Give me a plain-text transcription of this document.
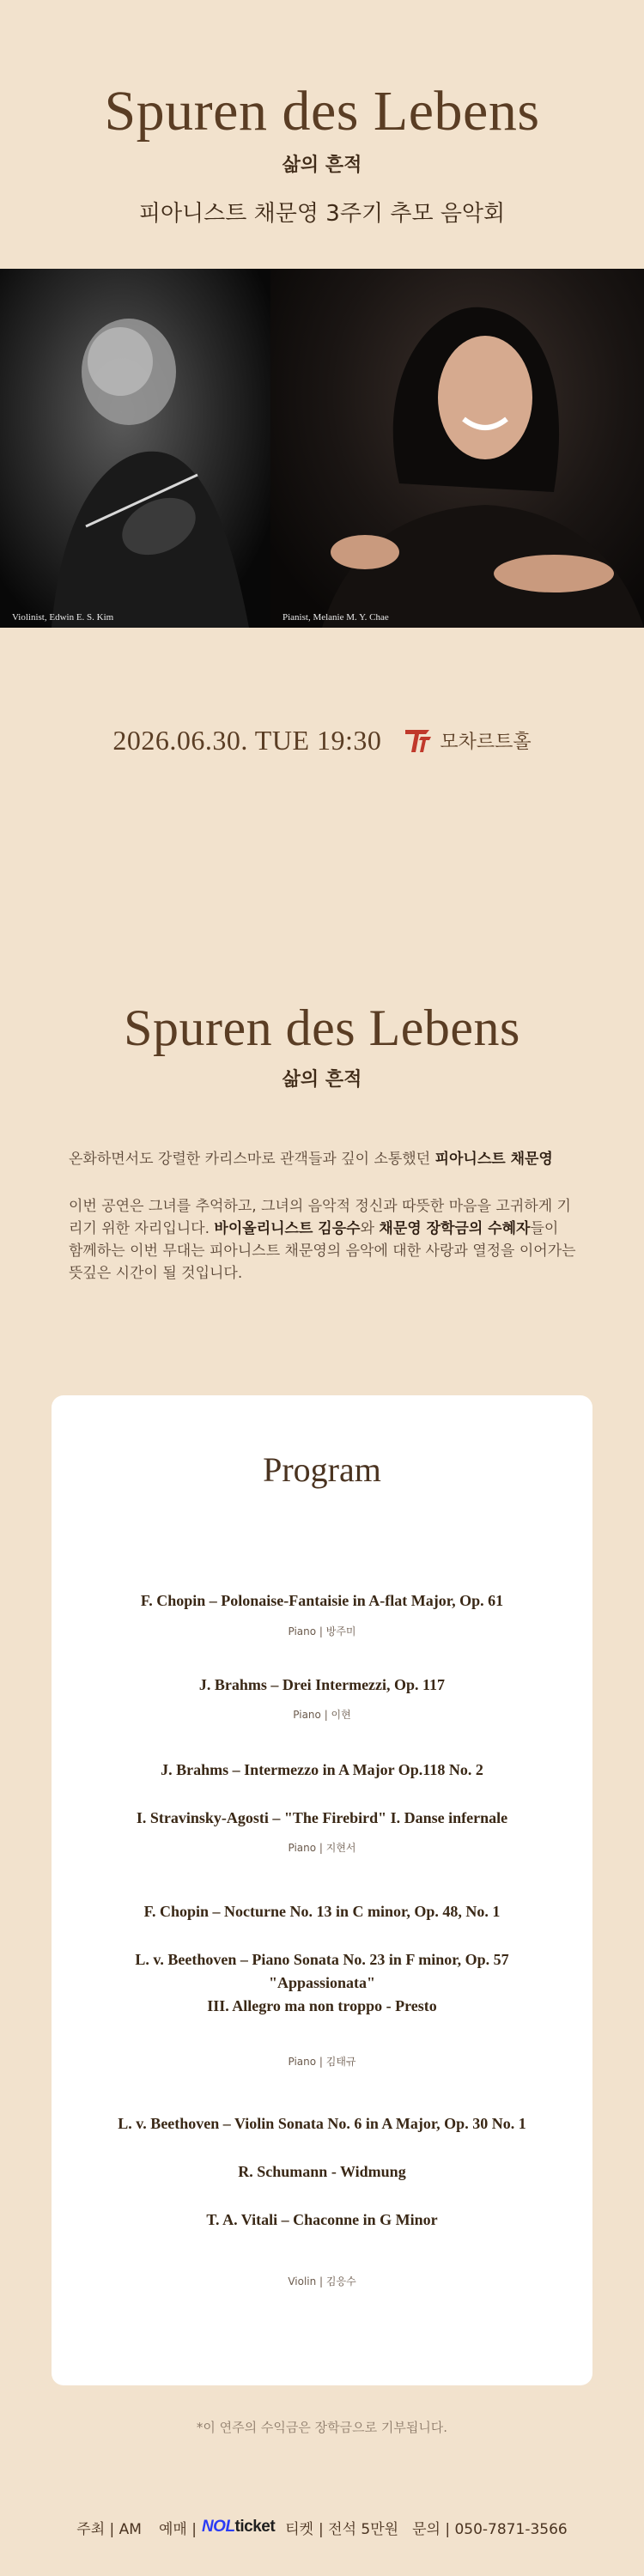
Spuren des Lebens
삶의 흔적
피아니스트 채문영 3주기 추모 음악회
Violinist, Edwin E. S. Kim	Pianist, Melanie M. Y. Chae
2026.06.30. TUE 19:30	모차르트홀
Spuren des Lebens
삶의 흔적
온화하면서도 강렬한 카리스마로 관객들과 깊이 소통했던 피아니스트 채문영
이번 공연은 그녀를 추억하고, 그녀의 음악적 정신과 따뜻한 마음을 고귀하게 기리기 위한 자리입니다. 바이올리니스트 김응수와 채문영 장학금의 수혜자들이 함께하는 이번 무대는 피아니스트 채문영의 음악에 대한 사랑과 열정을 이어가는 뜻깊은 시간이 될 것입니다.
Program
F. Chopin – Polonaise-Fantaisie in A-flat Major, Op. 61
Piano | 방주미
J. Brahms – Drei Intermezzi, Op. 117
Piano | 이현
J. Brahms – Intermezzo in A Major Op.118 No. 2
I. Stravinsky-Agosti – "The Firebird" I. Danse infernale
Piano | 지현서
F. Chopin – Nocturne No. 13 in C minor, Op. 48, No. 1
L. v. Beethoven – Piano Sonata No. 23 in F minor, Op. 57
"Appassionata"
III. Allegro ma non troppo - Presto
Piano | 김태규
L. v. Beethoven – Violin Sonata No. 6 in A Major, Op. 30 No. 1
R. Schumann - Widmung
T. A. Vitali – Chaconne in G Minor
Violin | 김응수
*이 연주의 수익금은 장학금으로 기부됩니다.
주최 | AM 예매 | NOLticket 티켓 | 전석 5만원 문의 | 050-7871-3566
